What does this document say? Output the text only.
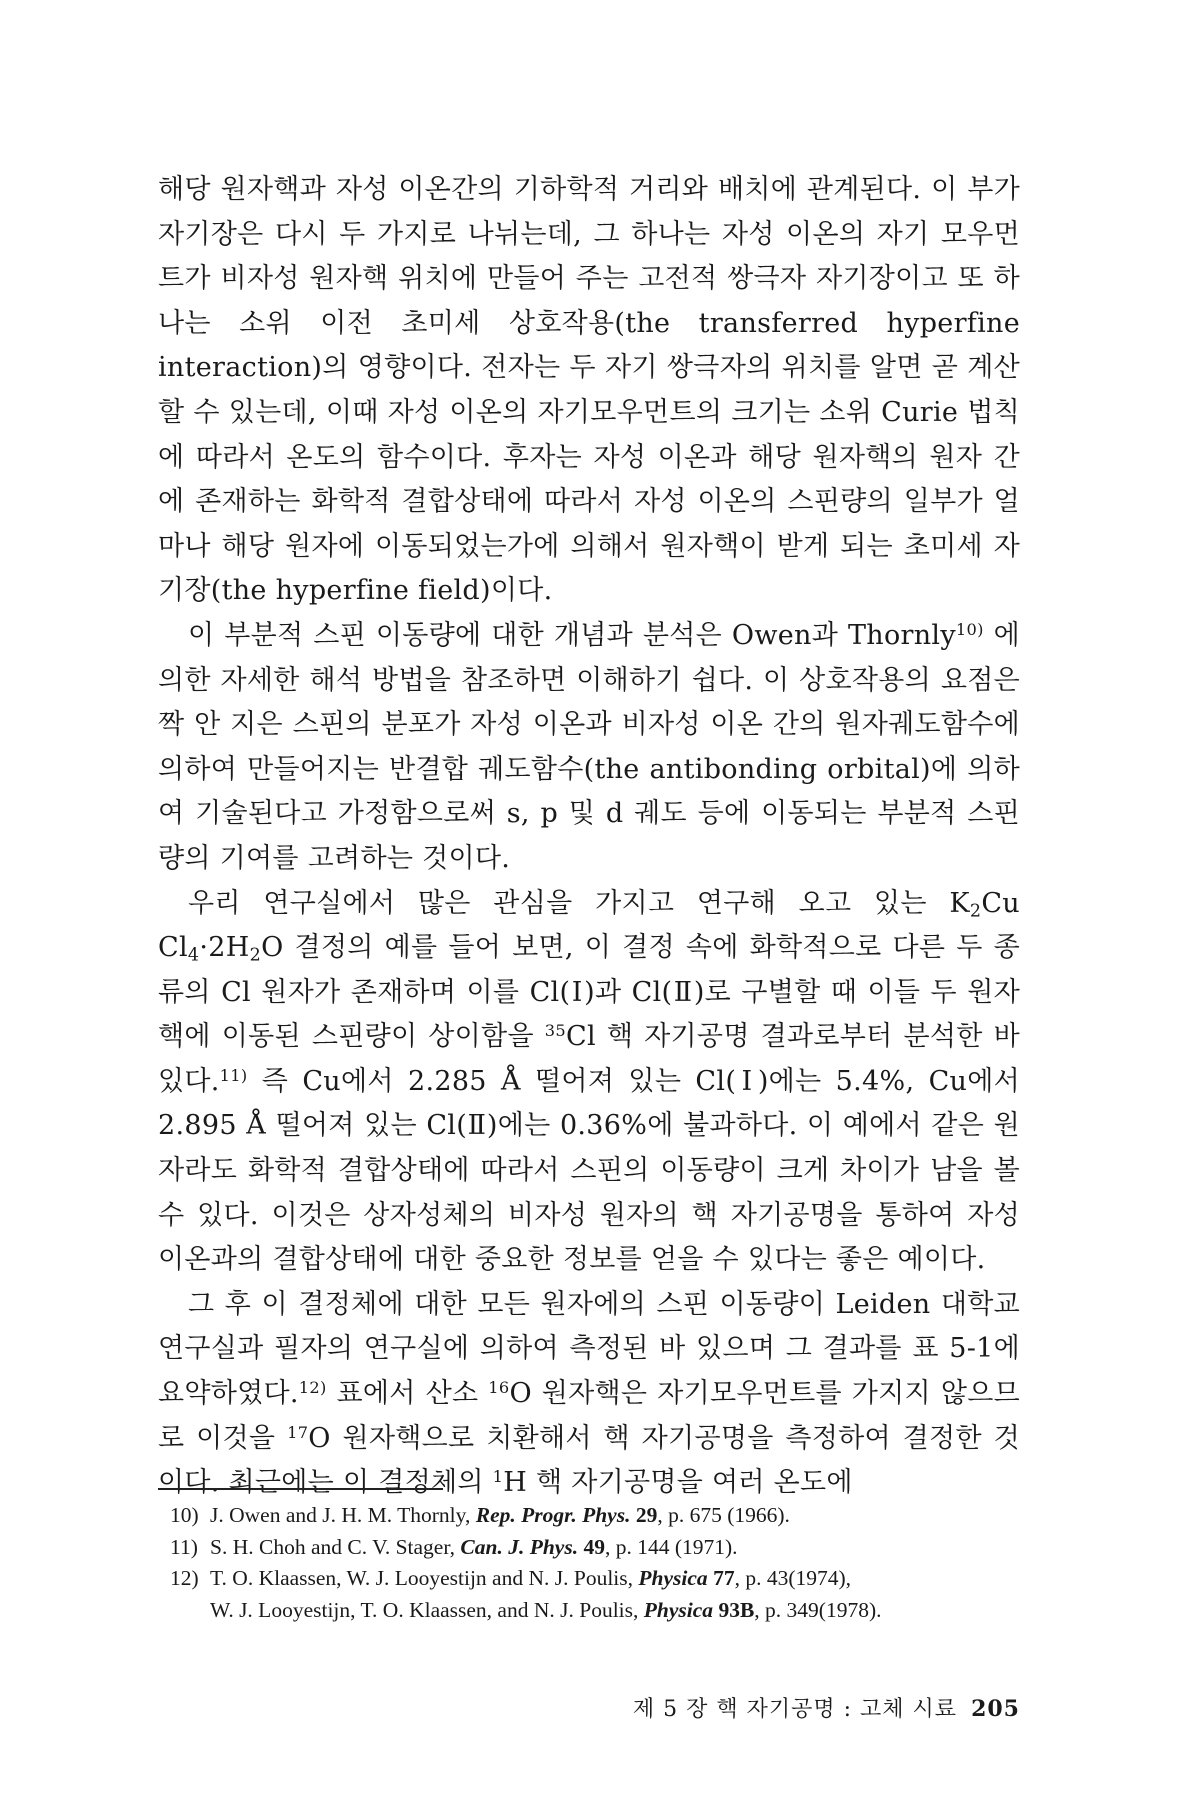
해당 원자핵과 자성 이온간의 기하학적 거리와 배치에 관계된다. 이 부가 자기장은 다시 두 가지로 나뉘는데, 그 하나는 자성 이온의 자기 모우먼트가 비자성 원자핵 위치에 만들어 주는 고전적 쌍극자 자기장이고 또 하나는 소위 이전 초미세 상호작용(the transferred hyperfine interaction)의 영향이다. 전자는 두 자기 쌍극자의 위치를 알면 곧 계산할 수 있는데, 이때 자성 이온의 자기모우먼트의 크기는 소위 Curie 법칙에 따라서 온도의 함수이다. 후자는 자성 이온과 해당 원자핵의 원자 간에 존재하는 화학적 결합상태에 따라서 자성 이온의 스핀량의 일부가 얼마나 해당 원자에 이동되었는가에 의해서 원자핵이 받게 되는 초미세 자기장(the hyperfine field)이다.

이 부분적 스핀 이동량에 대한 개념과 분석은 Owen과 Thornly$^{10)}$ 에 의한 자세한 해석 방법을 참조하면 이해하기 쉽다. 이 상호작용의 요점은 짝 안 지은 스핀의 분포가 자성 이온과 비자성 이온 간의 원자궤도함수에 의하여 만들어지는 반결합 궤도함수(the antibonding orbital)에 의하여 기술된다고 가정함으로써 s, p 및 d 궤도 등에 이동되는 부분적 스핀량의 기여를 고려하는 것이다.

우리 연구실에서 많은 관심을 가지고 연구해 오고 있는 $K_2Cu$ $Cl_4\cdot 2H_2O$ 결정의 예를 들어 보면, 이 결정 속에 화학적으로 다른 두 종류의 Cl 원자가 존재하며 이를 Cl(Ⅰ)과 Cl(Ⅱ)로 구별할 때 이들 두 원자핵에 이동된 스핀량이 상이함을 $^{35}$Cl 핵 자기공명 결과로부터 분석한 바 있다.$^{11)}$ 즉 Cu에서 2.285 Å 떨어져 있는 Cl(Ⅰ)에는 5.4%, Cu에서 2.895 Å 떨어져 있는 Cl(Ⅱ)에는 0.36%에 불과하다. 이 예에서 같은 원자라도 화학적 결합상태에 따라서 스핀의 이동량이 크게 차이가 남을 볼 수 있다. 이것은 상자성체의 비자성 원자의 핵 자기공명을 통하여 자성 이온과의 결합상태에 대한 중요한 정보를 얻을 수 있다는 좋은 예이다.

그 후 이 결정체에 대한 모든 원자에의 스핀 이동량이 Leiden 대학교 연구실과 필자의 연구실에 의하여 측정된 바 있으며 그 결과를 표 5-1에 요약하였다.$^{12)}$ 표에서 산소 $^{16}$O 원자핵은 자기모우먼트를 가지지 않으므로 이것을 $^{17}$O 원자핵으로 치환해서 핵 자기공명을 측정하여 결정한 것이다. 최근에는 이 결정체의 $^1$H 핵 자기공명을 여러 온도에

10) J. Owen and J. H. M. Thornly, Rep. Progr. Phys. 29, p. 675 (1966).
11) S. H. Choh and C. V. Stager, Can. J. Phys. 49, p. 144 (1971).
12) T. O. Klaassen, W. J. Looyestijn and N. J. Poulis, Physica 77, p. 43(1974),
W. J. Looyestijn, T. O. Klaassen, and N. J. Poulis, Physica 93B, p. 349(1978).
제 5 장 핵 자기공명 : 고체 시료 205
